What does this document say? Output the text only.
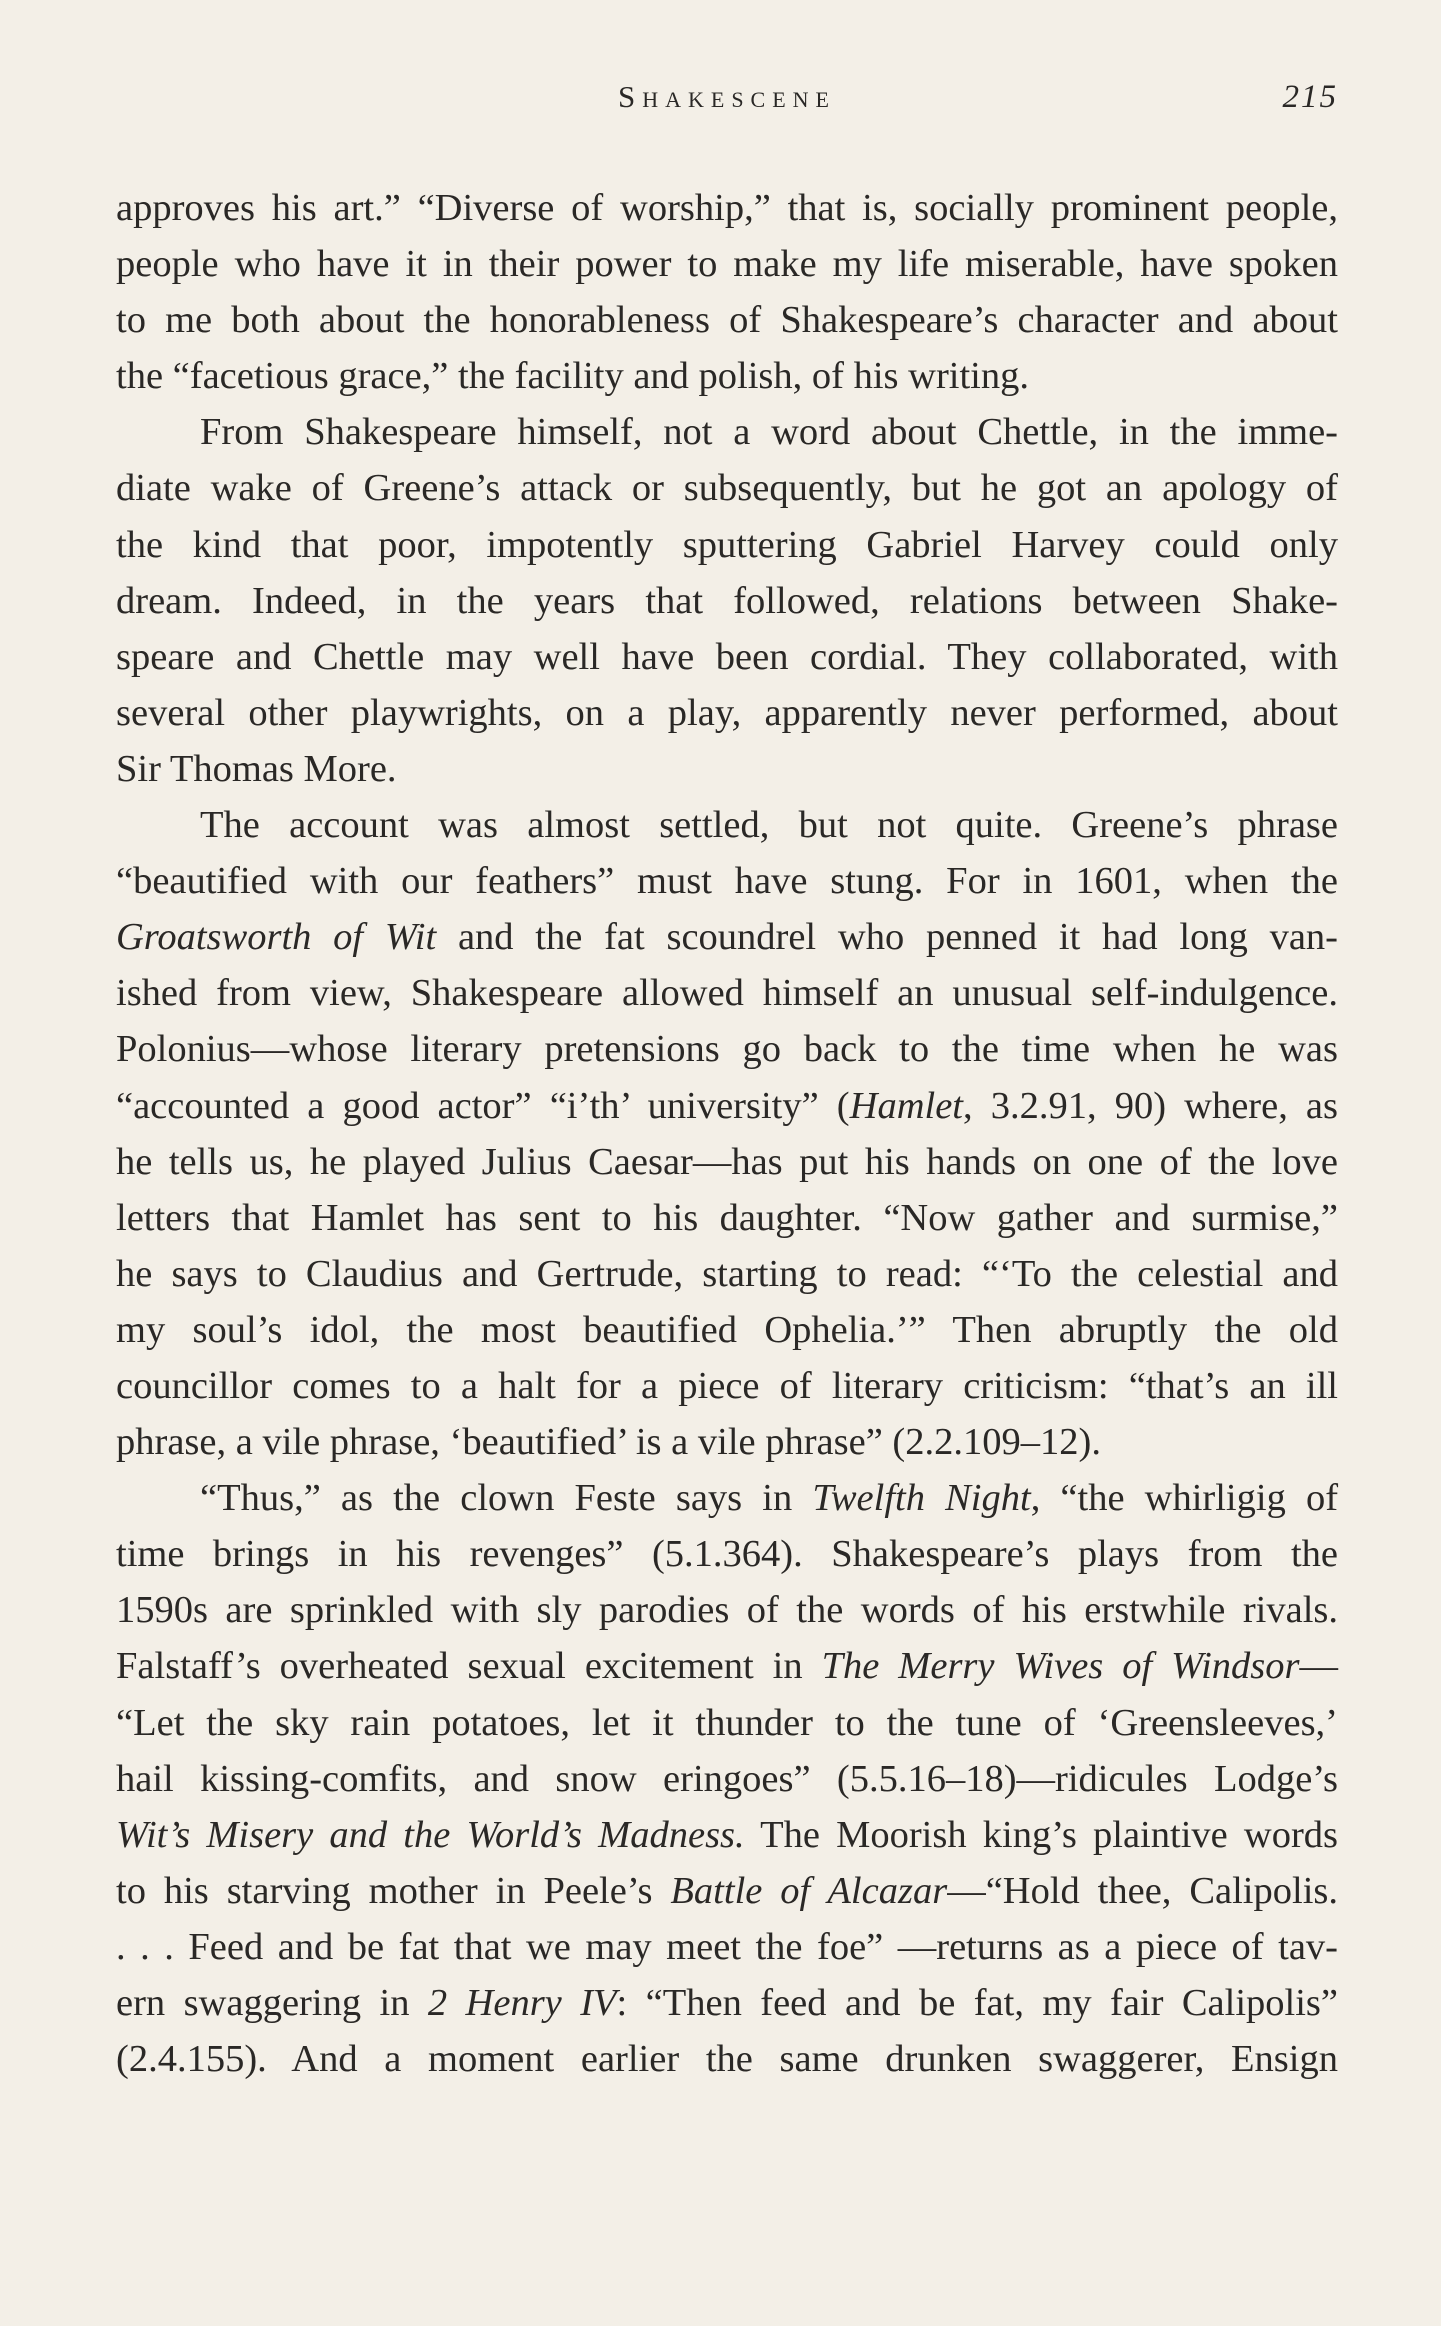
Shakescene	215

approves his art.” “Diverse of worship,” that is, socially prominent people,
people who have it in their power to make my life miserable, have spoken
to me both about the honorableness of Shakespeare’s character and about
the “facetious grace,” the facility and polish, of his writing.

From Shakespeare himself, not a word about Chettle, in the imme-
diate wake of Greene’s attack or subsequently, but he got an apology of
the kind that poor, impotently sputtering Gabriel Harvey could only
dream. Indeed, in the years that followed, relations between Shake-
speare and Chettle may well have been cordial. They collaborated, with
several other playwrights, on a play, apparently never performed, about
Sir Thomas More.

The account was almost settled, but not quite. Greene’s phrase
“beautified with our feathers” must have stung. For in 1601, when the
Groatsworth of Wit and the fat scoundrel who penned it had long van-
ished from view, Shakespeare allowed himself an unusual self-indulgence.
Polonius—whose literary pretensions go back to the time when he was
“accounted a good actor” “i’th’ university” (Hamlet, 3.2.91, 90) where, as
he tells us, he played Julius Caesar—has put his hands on one of the love
letters that Hamlet has sent to his daughter. “Now gather and surmise,”
he says to Claudius and Gertrude, starting to read: “‘To the celestial and
my soul’s idol, the most beautified Ophelia.’” Then abruptly the old
councillor comes to a halt for a piece of literary criticism: “that’s an ill
phrase, a vile phrase, ‘beautified’ is a vile phrase” (2.2.109–12).

“Thus,” as the clown Feste says in Twelfth Night, “the whirligig of
time brings in his revenges” (5.1.364). Shakespeare’s plays from the
1590s are sprinkled with sly parodies of the words of his erstwhile rivals.
Falstaff’s overheated sexual excitement in The Merry Wives of Windsor—
“Let the sky rain potatoes, let it thunder to the tune of ‘Greensleeves,’
hail kissing-comfits, and snow eringoes” (5.5.16–18)—ridicules Lodge’s
Wit’s Misery and the World’s Madness. The Moorish king’s plaintive words
to his starving mother in Peele’s Battle of Alcazar—“Hold thee, Calipolis.
. . . Feed and be fat that we may meet the foe” —returns as a piece of tav-
ern swaggering in 2 Henry IV: “Then feed and be fat, my fair Calipolis”
(2.4.155). And a moment earlier the same drunken swaggerer, Ensign
